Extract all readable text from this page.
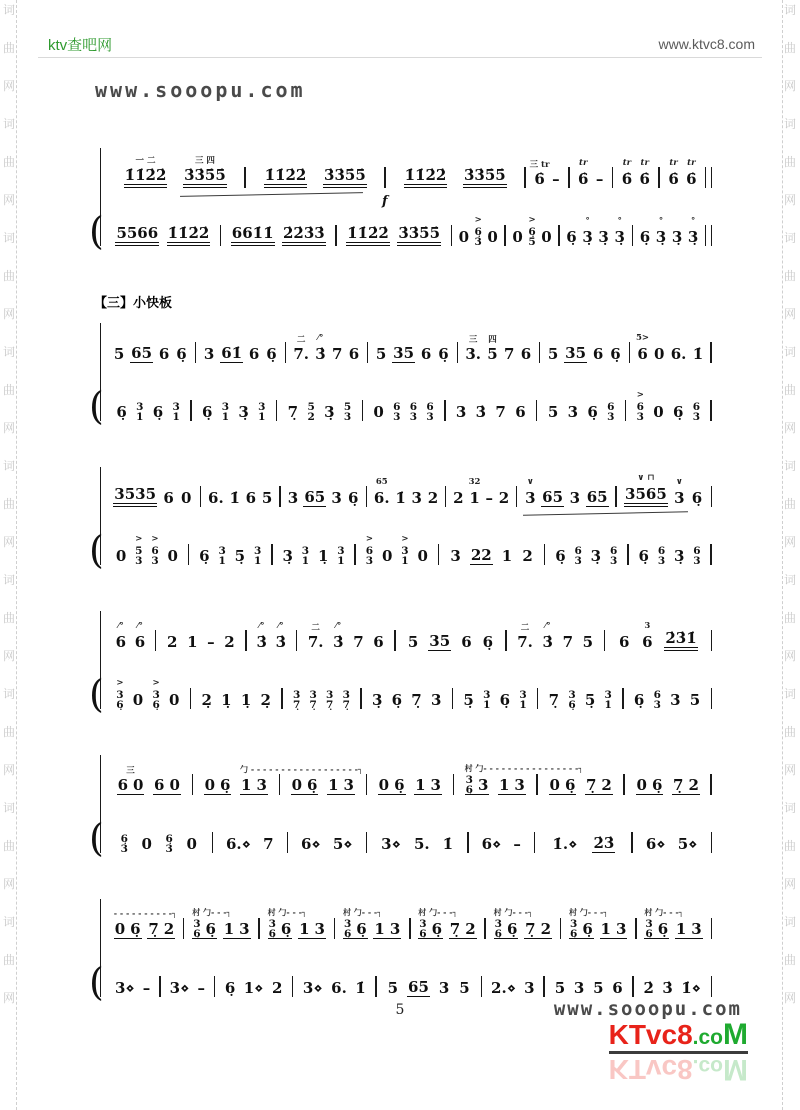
词
曲
网
词
曲
网
词
曲
网
词
曲
网
词
曲
网
词
曲
网
词
曲
网
词
曲
网
词
曲
网
词
曲
网
词
曲
网
词
曲
网
词
曲
网
词
曲
网
词
曲
网
词
曲
网
词
曲
网
词
曲
网
ktv查吧网	www.ktvc8.com
www.sooopu.com
一 二
1̇1̇2̇2̇
三 四
3̇3̇5̇5̇	1̇1̇2̇2̇ 3̇3̇5̇5̇	1̇1̇2̇2̇ 3̇3̇5̇5̇
三 tr
6̇ –
tr
6̇ –
tr
6̇
tr
6̇
tr
6̇
tr
6̇
( 5566 1̇1̇2̇2̇ 661̇1̇ 2̇2̇3̇3̇ 1̇1̇2̇2̇ 3̇3̇5̇5̇ 0
>
6̣
3 0 0
>
6̣
5 0 6̣
°
3̣ 3̣
°
3̣ 6̣
°
3̣ 3̣
°
3̣
f
【三】小快板
5 65 6 6̣ 3 61̇ 6 6̣
二
7.
⁄°
3̇ 7 6 5 35 6 6̣
三
3.
四
5 7 6 5 35 6 6̣
5>
6 0 6. 1̇
( 6̣ 3
1 6̣ 3
1 6̣ 3
1 3̣ 3
1 7̣ 5
2 3̣ 5
3 0 6
3
6
3
6
3 3 3̇ 7 6 5 3 6̣ 6
3
>
6
3 0 6̣ 6
3
3535 6 0 6. 1̇ 6 5 3 65 3 6̣
65
6. 1̇ 3 2 2
32
1 – 2
∨
3 65 3 65
∨ ⊓
3565
∨
3 6̣
( 0
>
5
3
>
6
3 0 6̣ 3
1 5̣ 3
1 3̣ 3
1 1̣ 3
1
>
6
3 0
>
3
1 0 3 22 1 2 6̣ 6
3 3̣ 6
3 6̣ 6
3 3̣ 6
3
⁄°
6
⁄°
6 2 1 – 2
⁄°
3̇
⁄°
3̇
二
7.
⁄°
3̇ 7 6 5 35 6 6̣
二
7.
⁄°
3̇ 7 5 6
3
6 2̇3̇1̇
( >
3
6̣ 0
>
3
6̣ 0 2̣ 1̣ 1̣ 2̣ 3
7̣
3
7̣
3
7̣
3
7̣ 3̣ 6̣ 7̣ 3 5̣ 3
1 6̣ 3
1 7̣ 3
6̣ 5̣ 3
1 6̣ 6
3 3 5
三
6 0 6 0 0 6̣
勹 - - - - - - - - - - - - - - - - - -┐
1 3 0 6̣ 1 3 0 6̣ 1 3
村 勹- - - - - - - - - - - - - - - -┐
3
6̣ 3 1 3 0 6̣ 7̣ 2 0 6̣ 7̣ 2
( 6̣
3 0 6̣
3 0 6.⋄ 7 6⋄ 5⋄ 3⋄ 5. 1̇ 6⋄ – 1̇.⋄ 2̇3̇ 6⋄ 5⋄
- - - - - - - - - -┐
0 6̣ 7̣ 2
村 勹- - -┐
3
6̣ 6̣ 1 3
村 勹- - -┐
3
6̣ 6̣ 1 3
村 勹- - -┐
3
6̣ 6̣ 1 3
村 勹- - -┐
3
6̣ 6̣ 7̣ 2
村 勹- - -┐
3
6̣ 6̣ 7̣ 2
村 勹- - -┐
3
6̣ 6̣ 1 3
村 勹- - -┐
3
6̣ 6̣ 1 3
( 3⋄ – 3⋄ – 6̣ 1⋄ 2 3⋄ 6. 1̇ 5 65 3 5 2.⋄ 3 5 3 5 6 2̇ 3̇ 1̇⋄
5	www.sooopu.com
KTvc8.coM
KTvc8.coM
